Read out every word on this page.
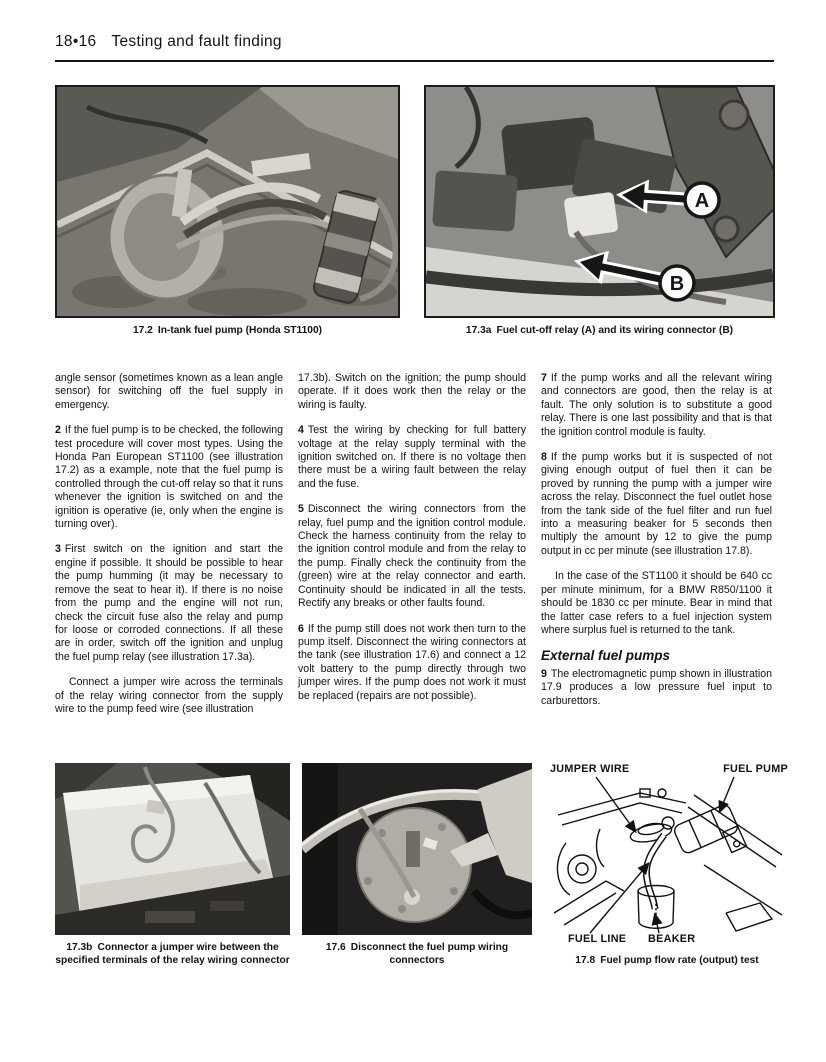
18•16 Testing and fault finding
17.2 In-tank fuel pump (Honda ST1100)
A
B
17.3a Fuel cut-off relay (A) and its wiring connector (B)

angle sensor (sometimes known as a lean angle sensor) for switching off the fuel supply in emergency.

2 If the fuel pump is to be checked, the following test procedure will cover most types. Using the Honda Pan European ST1100 (see illustration 17.2) as a example, note that the fuel pump is controlled through the cut-off relay so that it runs whenever the ignition is switched on and the ignition is operative (ie, only when the engine is turning over).

3 First switch on the ignition and start the engine if possible. It should be possible to hear the pump humming (it may be necessary to remove the seat to hear it). If there is no noise from the pump and the engine will not run, check the circuit fuse also the relay and pump for loose or corroded connections. If all these are in order, switch off the ignition and unplug the fuel pump relay (see illustration 17.3a).

Connect a jumper wire across the terminals of the relay wiring connector from the supply wire to the pump feed wire (see illustration

17.3b). Switch on the ignition; the pump should operate. If it does work then the relay or the wiring is faulty.

4 Test the wiring by checking for full battery voltage at the relay supply terminal with the ignition switched on. If there is no voltage then there must be a wiring fault between the relay and the fuse.

5 Disconnect the wiring connectors from the relay, fuel pump and the ignition control module. Check the harness continuity from the relay to the ignition control module and from the relay to the pump. Finally check the continuity from the (green) wire at the relay connector and earth. Continuity should be indicated in all the tests. Rectify any breaks or other faults found.

6 If the pump still does not work then turn to the pump itself. Disconnect the wiring connectors at the tank (see illustration 17.6) and connect a 12 volt battery to the pump directly through two jumper wires. If the pump does not work it must be replaced (repairs are not possible).

7 If the pump works and all the relevant wiring and connectors are good, then the relay is at fault. The only solution is to substitute a good relay. There is one last possibility and that is that the ignition control module is faulty.

8 If the pump works but it is suspected of not giving enough output of fuel then it can be proved by running the pump with a jumper wire across the relay. Disconnect the fuel outlet hose from the tank side of the fuel filter and run fuel into a measuring beaker for 5 seconds then multiply the amount by 12 to give the pump output in cc per minute (see illustration 17.8).

In the case of the ST1100 it should be 640 cc per minute minimum, for a BMW R850/1100 it should be 1830 cc per minute. Bear in mind that the latter case refers to a fuel injection system where surplus fuel is returned to the tank.

External fuel pumps

9 The electromagnetic pump shown in illustration 17.9 produces a low pressure fuel input to carburettors.

17.3b Connector a jumper wire between the specified terminals of the relay wiring connector
17.6 Disconnect the fuel pump wiring connectors
JUMPER WIRE	FUEL PUMP
FUEL LINE BEAKER
17.8 Fuel pump flow rate (output) test
